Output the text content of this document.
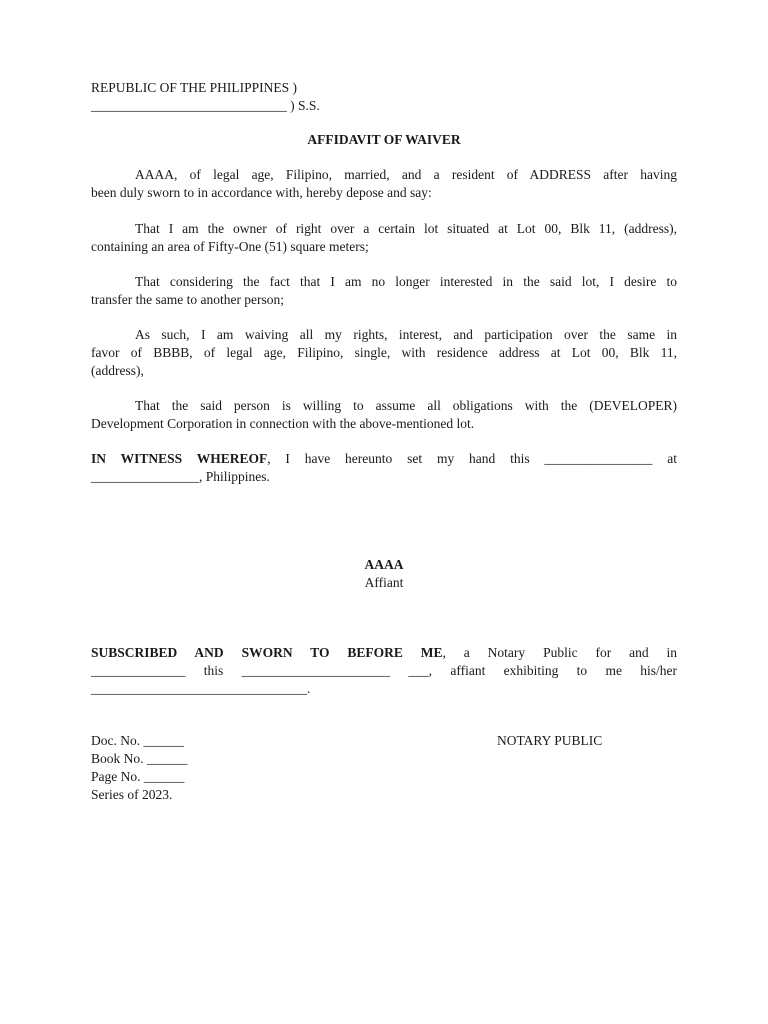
REPUBLIC OF THE PHILIPPINES )
_____________________________ ) S.S.
AFFIDAVIT OF WAIVER
AAAA, of legal age, Filipino, married, and a resident of ADDRESS after having
been duly sworn to in accordance with, hereby depose and say:
That I am the owner of right over a certain lot situated at Lot 00, Blk 11, (address),
containing an area of Fifty-One (51) square meters;
That considering the fact that I am no longer interested in the said lot, I desire to
transfer the same to another person;
As such, I am waiving all my rights, interest, and participation over the same in
favor of BBBB, of legal age, Filipino, single, with residence address at Lot 00, Blk 11,
(address),
That the said person is willing to assume all obligations with the (DEVELOPER)
Development Corporation in connection with the above-mentioned lot.
IN WITNESS WHEREOF, I have hereunto set my hand this ________________ at
________________, Philippines.
AAAA
Affiant
SUBSCRIBED AND SWORN TO BEFORE ME, a Notary Public for and in
______________ this ______________________ ___, affiant exhibiting to me his/her
________________________________.
Doc. No. ______	NOTARY PUBLIC
Book No. ______
Page No. ______
Series of 2023.
